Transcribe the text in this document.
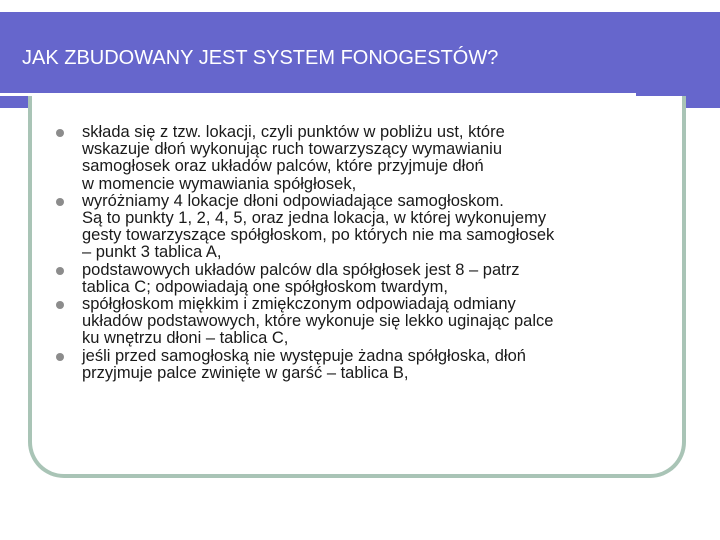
JAK ZBUDOWANY JEST SYSTEM FONOGESTÓW?
składa się z tzw. lokacji, czyli punktów w pobliżu ust, które
wskazuje dłoń wykonując ruch towarzyszący wymawianiu
samogłosek oraz układów palców, które przyjmuje dłoń
w momencie wymawiania spółgłosek,
wyróżniamy 4 lokacje dłoni odpowiadające samogłoskom.
Są to punkty 1, 2, 4, 5, oraz jedna lokacja, w której wykonujemy
gesty towarzyszące spółgłoskom, po których nie ma samogłosek
– punkt 3 tablica A,
podstawowych układów palców dla spółgłosek jest 8 – patrz
tablica C; odpowiadają one spółgłoskom twardym,
spółgłoskom miękkim i zmiękczonym odpowiadają odmiany
układów podstawowych, które wykonuje się lekko uginając palce
ku wnętrzu dłoni – tablica C,
jeśli przed samogłoską nie występuje żadna spółgłoska, dłoń
przyjmuje palce zwinięte w garść – tablica B,
